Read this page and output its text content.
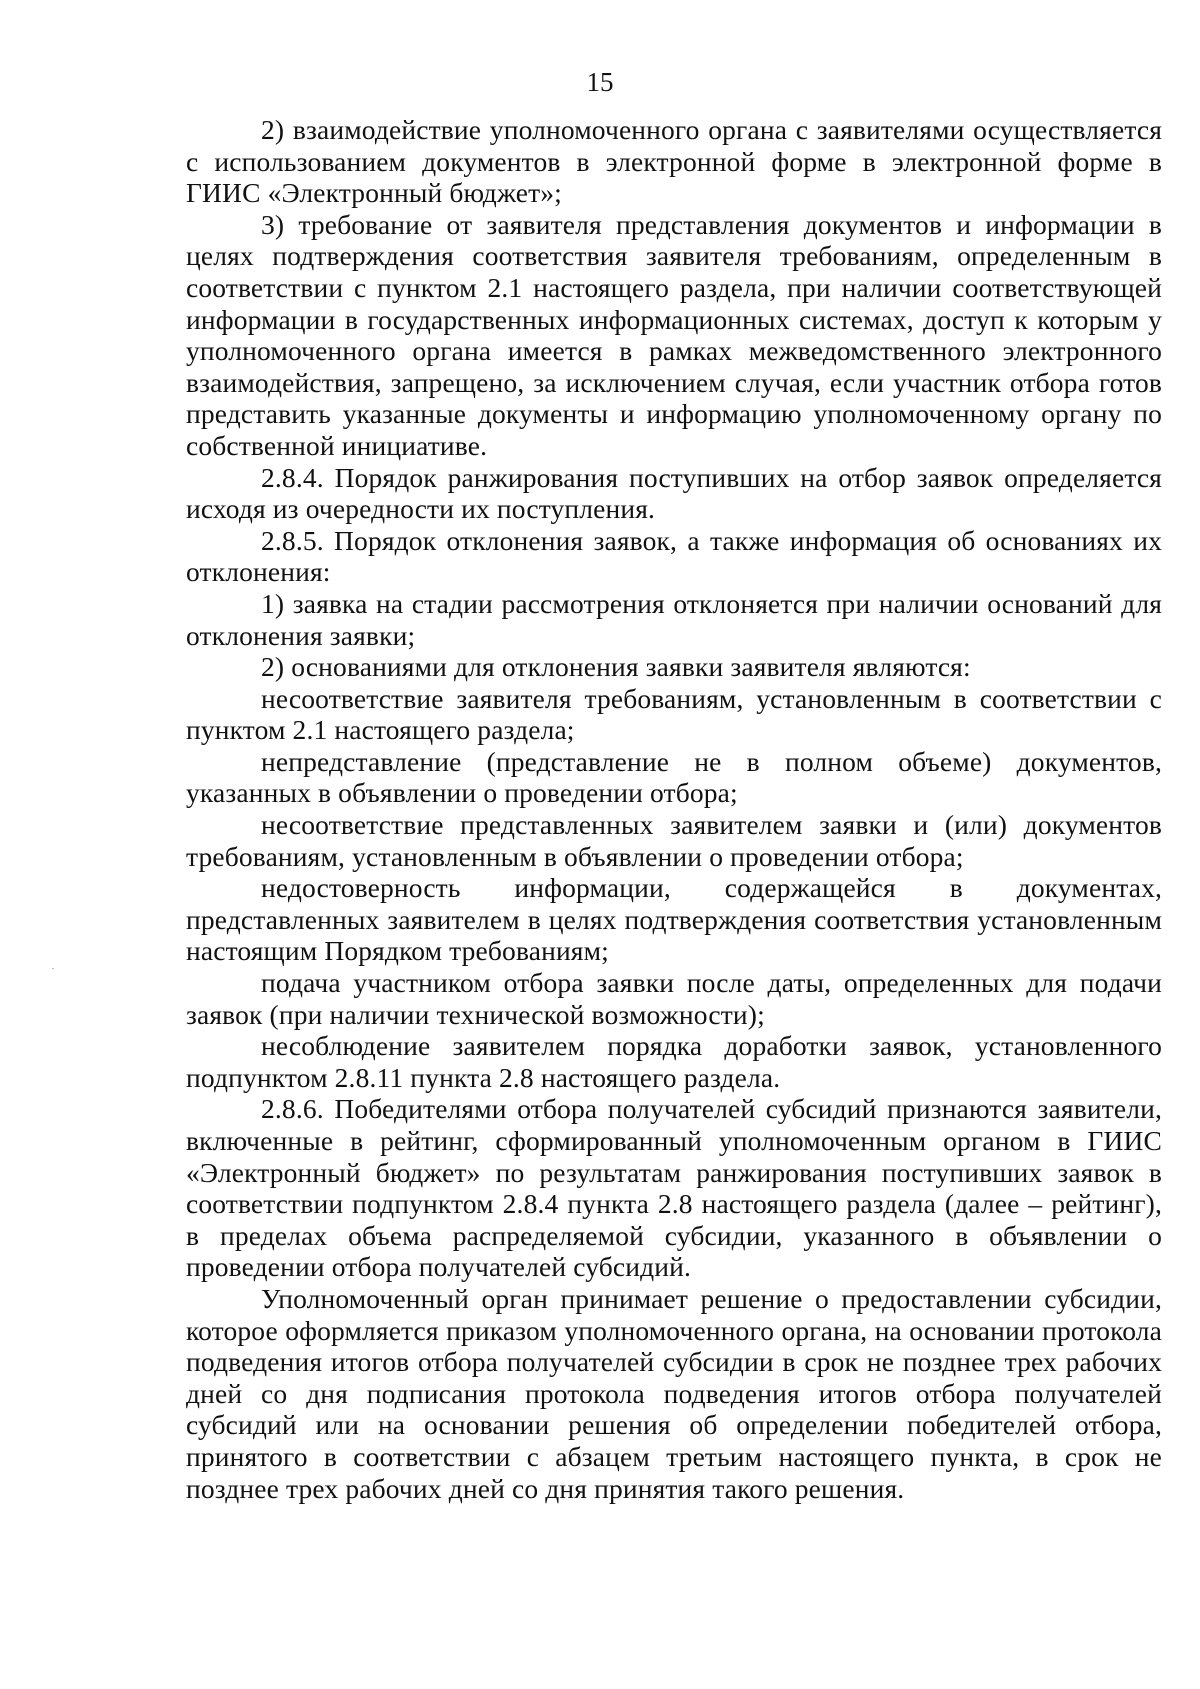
15

2) взаимодействие уполномоченного органа с заявителями осуществляется с использованием документов в электронной форме в электронной форме в ГИИС «Электронный бюджет»;

3) требование от заявителя представления документов и информации в целях подтверждения соответствия заявителя требованиям, определенным в соответствии с пунктом 2.1 настоящего раздела, при наличии соответствующей информации в государственных информационных системах, доступ к которым у уполномоченного органа имеется в рамках межведомственного электронного взаимодействия, запрещено, за исключением случая, если участник отбора готов представить указанные документы и информацию уполномоченному органу по собственной инициативе.

2.8.4. Порядок ранжирования поступивших на отбор заявок определяется исходя из очередности их поступления.

2.8.5. Порядок отклонения заявок, а также информация об основаниях их отклонения:

1) заявка на стадии рассмотрения отклоняется при наличии оснований для отклонения заявки;

2) основаниями для отклонения заявки заявителя являются:

несоответствие заявителя требованиям, установленным в соответствии с пунктом 2.1 настоящего раздела;

непредставление (представление не в полном объеме) документов, указанных в объявлении о проведении отбора;

несоответствие представленных заявителем заявки и (или) документов требованиям, установленным в объявлении о проведении отбора;

недостоверность информации, содержащейся в документах, представленных заявителем в целях подтверждения соответствия установленным настоящим Порядком требованиям;

подача участником отбора заявки после даты, определенных для подачи заявок (при наличии технической возможности);

несоблюдение заявителем порядка доработки заявок, установленного подпунктом 2.8.11 пункта 2.8 настоящего раздела.

2.8.6. Победителями отбора получателей субсидий признаются заявители, включенные в рейтинг, сформированный уполномоченным органом в ГИИС «Электронный бюджет» по результатам ранжирования поступивших заявок в соответствии подпунктом 2.8.4 пункта 2.8 настоящего раздела (далее – рейтинг), в пределах объема распределяемой субсидии, указанного в объявлении о проведении отбора получателей субсидий.

Уполномоченный орган принимает решение о предоставлении субсидии, которое оформляется приказом уполномоченного органа, на основании протокола подведения итогов отбора получателей субсидии в срок не позднее трех рабочих дней со дня подписания протокола подведения итогов отбора получателей субсидий или на основании решения об определении победителей отбора, принятого в соответствии с абзацем третьим настоящего пункта, в срок не позднее трех рабочих дней со дня принятия такого решения.
